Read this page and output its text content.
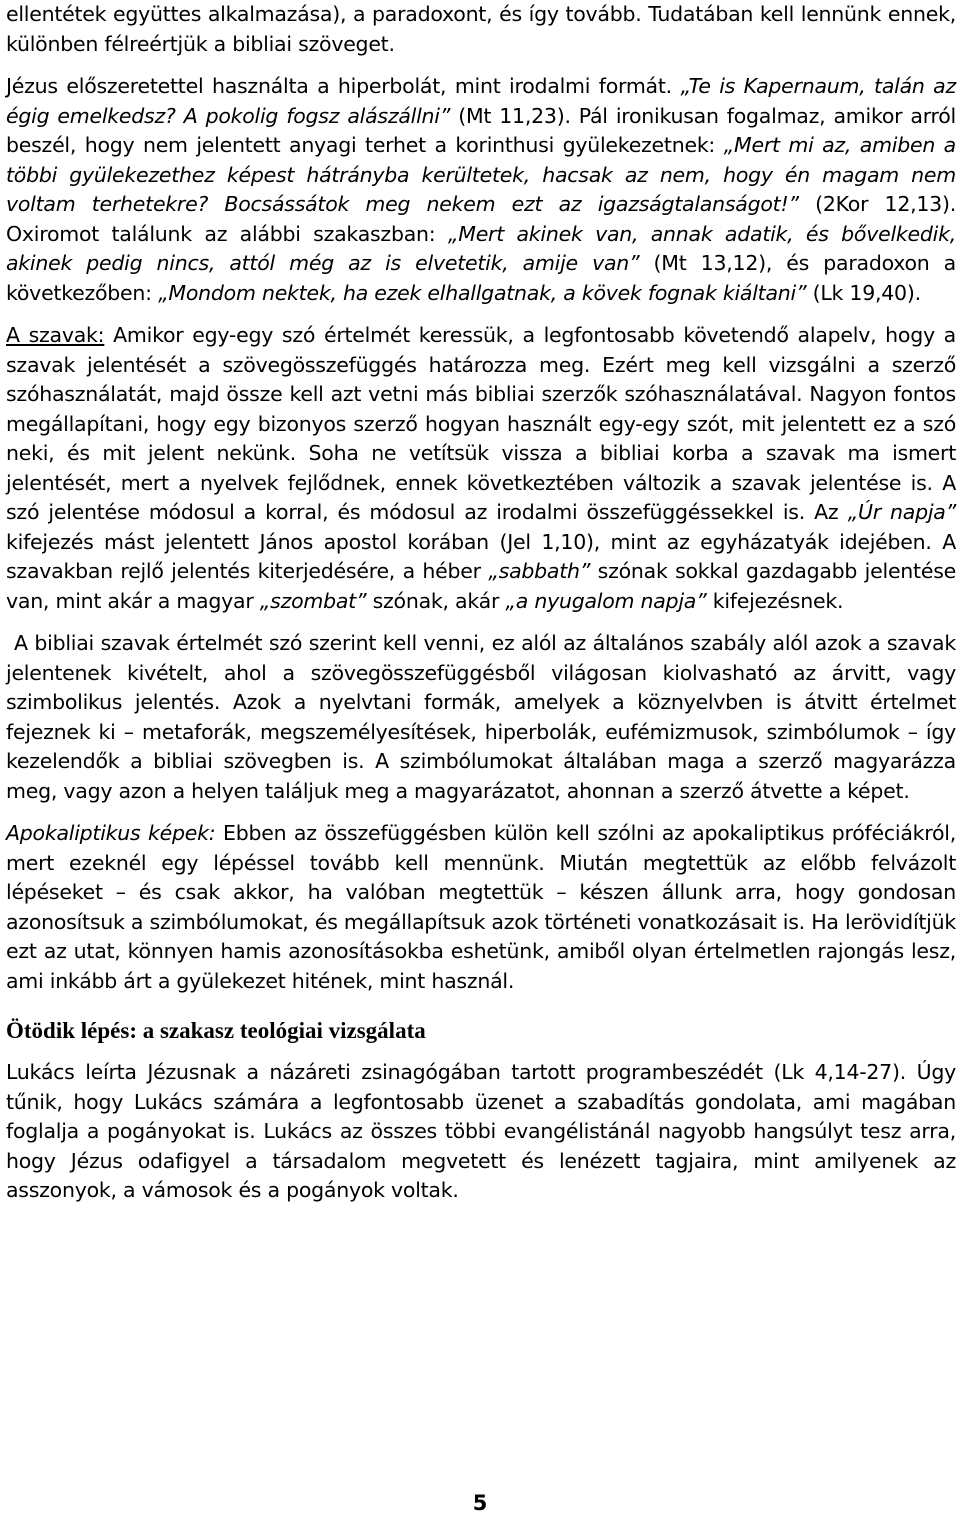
ellentétek együttes alkalmazása), a paradoxont, és így tovább. Tudatában kell lennünk ennek, különben félreértjük a bibliai szöveget.

Jézus előszeretettel használta a hiperbolát, mint irodalmi formát. „Te is Kapernaum, talán az égig emelkedsz? A pokolig fogsz alászállni” (Mt 11,23). Pál ironikusan fogalmaz, amikor arról beszél, hogy nem jelentett anyagi terhet a korinthusi gyülekezetnek: „Mert mi az, amiben a többi gyülekezethez képest hátrányba kerültetek, hacsak az nem, hogy én magam nem voltam terhetekre? Bocsássátok meg nekem ezt az igazságtalanságot!” (2Kor 12,13). Oxiromot találunk az alábbi szakaszban: „Mert akinek van, annak adatik, és bővelkedik, akinek pedig nincs, attól még az is elvetetik, amije van” (Mt 13,12), és paradoxon a következőben: „Mondom nektek, ha ezek elhallgatnak, a kövek fognak kiáltani” (Lk 19,40).

A szavak: Amikor egy-egy szó értelmét keressük, a legfontosabb követendő alapelv, hogy a szavak jelentését a szövegösszefüggés határozza meg. Ezért meg kell vizsgálni a szerző szóhasználatát, majd össze kell azt vetni más bibliai szerzők szóhasználatával. Nagyon fontos megállapítani, hogy egy bizonyos szerző hogyan használt egy-egy szót, mit jelentett ez a szó neki, és mit jelent nekünk. Soha ne vetítsük vissza a bibliai korba a szavak ma ismert jelentését, mert a nyelvek fejlődnek, ennek következtében változik a szavak jelentése is. A szó jelentése módosul a korral, és módosul az irodalmi összefüggéssekkel is. Az „Úr napja” kifejezés mást jelentett János apostol korában (Jel 1,10), mint az egyházatyák idejében. A szavakban rejlő jelentés kiterjedésére, a héber „sabbath” szónak sokkal gazdagabb jelentése van, mint akár a magyar „szombat” szónak, akár „a nyugalom napja” kifejezésnek.

A bibliai szavak értelmét szó szerint kell venni, ez alól az általános szabály alól azok a szavak jelentenek kivételt, ahol a szövegösszefüggésből világosan kiolvasható az árvitt, vagy szimbolikus jelentés. Azok a nyelvtani formák, amelyek a köznyelvben is átvitt értelmet fejeznek ki – metaforák, megszemélyesítések, hiperbolák, eufémizmusok, szimbólumok – így kezelendők a bibliai szövegben is. A szimbólumokat általában maga a szerző magyarázza meg, vagy azon a helyen találjuk meg a magyarázatot, ahonnan a szerző átvette a képet.

Apokaliptikus képek: Ebben az összefüggésben külön kell szólni az apokaliptikus próféciákról, mert ezeknél egy lépéssel tovább kell mennünk. Miután megtettük az előbb felvázolt lépéseket – és csak akkor, ha valóban megtettük – készen állunk arra, hogy gondosan azonosítsuk a szimbólumokat, és megállapítsuk azok történeti vonatkozásait is. Ha lerövidítjük ezt az utat, könnyen hamis azonosításokba eshetünk, amiből olyan értelmetlen rajongás lesz, ami inkább árt a gyülekezet hitének, mint használ.

Ötödik lépés: a szakasz teológiai vizsgálata

Lukács leírta Jézusnak a názáreti zsinagógában tartott programbeszédét (Lk 4,14-27). Úgy tűnik, hogy Lukács számára a legfontosabb üzenet a szabadítás gondolata, ami magában foglalja a pogányokat is. Lukács az összes többi evangélistánál nagyobb hangsúlyt tesz arra, hogy Jézus odafigyel a társadalom megvetett és lenézett tagjaira, mint amilyenek az asszonyok, a vámosok és a pogányok voltak.

5
